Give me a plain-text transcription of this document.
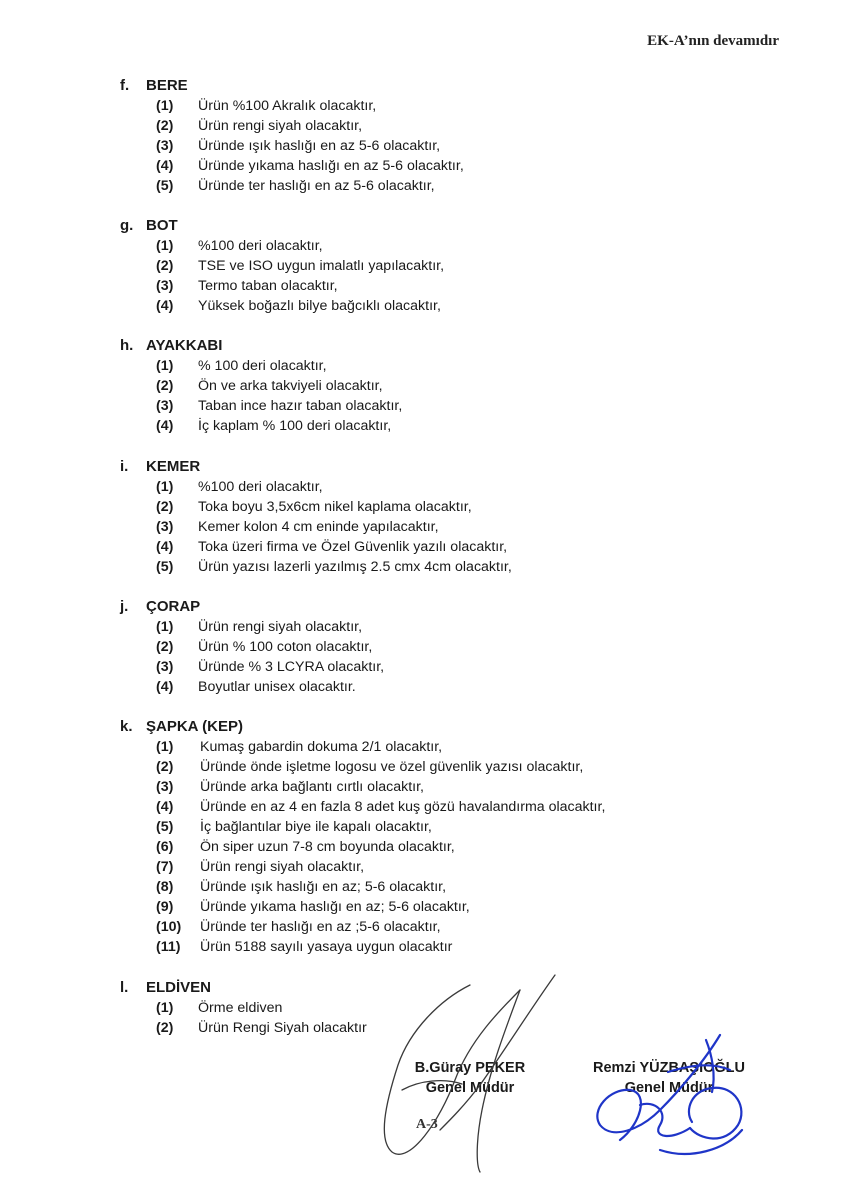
EK-A’nın devamıdır
f. BERE
(1) Ürün %100 Akralık olacaktır,
(2) Ürün rengi siyah olacaktır,
(3) Üründe ışık haslığı en az 5-6 olacaktır,
(4) Üründe yıkama haslığı en az 5-6 olacaktır,
(5) Üründe ter haslığı en az 5-6 olacaktır,
g. BOT
(1) %100 deri olacaktır,
(2) TSE ve ISO uygun imalatlı yapılacaktır,
(3) Termo taban olacaktır,
(4) Yüksek boğazlı bilye bağcıklı olacaktır,
h. AYAKKABI
(1) % 100 deri olacaktır,
(2) Ön ve arka takviyeli olacaktır,
(3) Taban ince hazır taban olacaktır,
(4) İç kaplam % 100 deri olacaktır,
i. KEMER
(1) %100 deri olacaktır,
(2) Toka boyu 3,5x6cm nikel kaplama olacaktır,
(3) Kemer kolon 4 cm eninde yapılacaktır,
(4) Toka üzeri firma ve Özel Güvenlik yazılı olacaktır,
(5) Ürün yazısı lazerli yazılmış 2.5 cmx 4cm olacaktır,
j. ÇORAP
(1) Ürün rengi siyah olacaktır,
(2) Ürün % 100 coton olacaktır,
(3) Üründe % 3 LCYRA olacaktır,
(4) Boyutlar unisex olacaktır.
k. ŞAPKA (KEP)
(1) Kumaş gabardin dokuma 2/1 olacaktır,
(2) Üründe önde işletme logosu ve özel güvenlik yazısı olacaktır,
(3) Üründe arka bağlantı cırtlı olacaktır,
(4) Üründe en az 4 en fazla 8 adet kuş gözü havalandırma olacaktır,
(5) İç bağlantılar biye ile kapalı olacaktır,
(6) Ön siper uzun 7-8 cm boyunda olacaktır,
(7) Ürün rengi siyah olacaktır,
(8) Üründe ışık haslığı en az; 5-6 olacaktır,
(9) Üründe yıkama haslığı en az; 5-6 olacaktır,
(10) Üründe ter haslığı en az ;5-6 olacaktır,
(11) Ürün 5188 sayılı yasaya uygun olacaktır
l. ELDİVEN
(1) Örme eldiven
(2) Ürün Rengi Siyah olacaktır
B.Güray PEKER
Genel Müdür
Remzi YÜZBAŞIOĞLU
Genel Müdür
A-3
